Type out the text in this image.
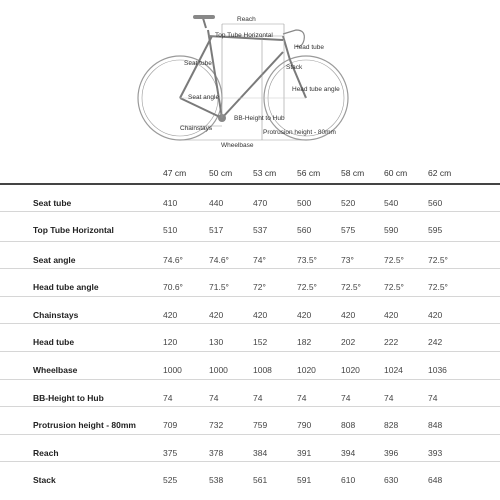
Reach
Top Tube Horizontal
Head tube
Stack
Seat tube
Head tube angle
Seat angle
BB-Height to Hub
Chainstays
Protrusion height - 80mm
Wheelbase
47 cm	50 cm 53 cm 56 cm 58 cm 60 cm 62 cm
Seat tube	410	440	470	500	520	540	560
Top Tube Horizontal	510	517	537	560	575	590	595
Seat angle	74.6°	74.6°	74°	73.5°	73°	72.5°	72.5°
Head tube angle	70.6°	71.5°	72°	72.5°	72.5°	72.5°	72.5°
Chainstays	420	420	420	420	420	420	420
Head tube	120	130	152	182	202	222	242
Wheelbase	1000	1000	1008	1020	1020	1024	1036
BB-Height to Hub	74	74	74	74	74	74	74
Protrusion height - 80mm	709	732	759	790	808	828	848
Reach	375	378	384	391	394	396	393
Stack	525	538	561	591	610	630	648
